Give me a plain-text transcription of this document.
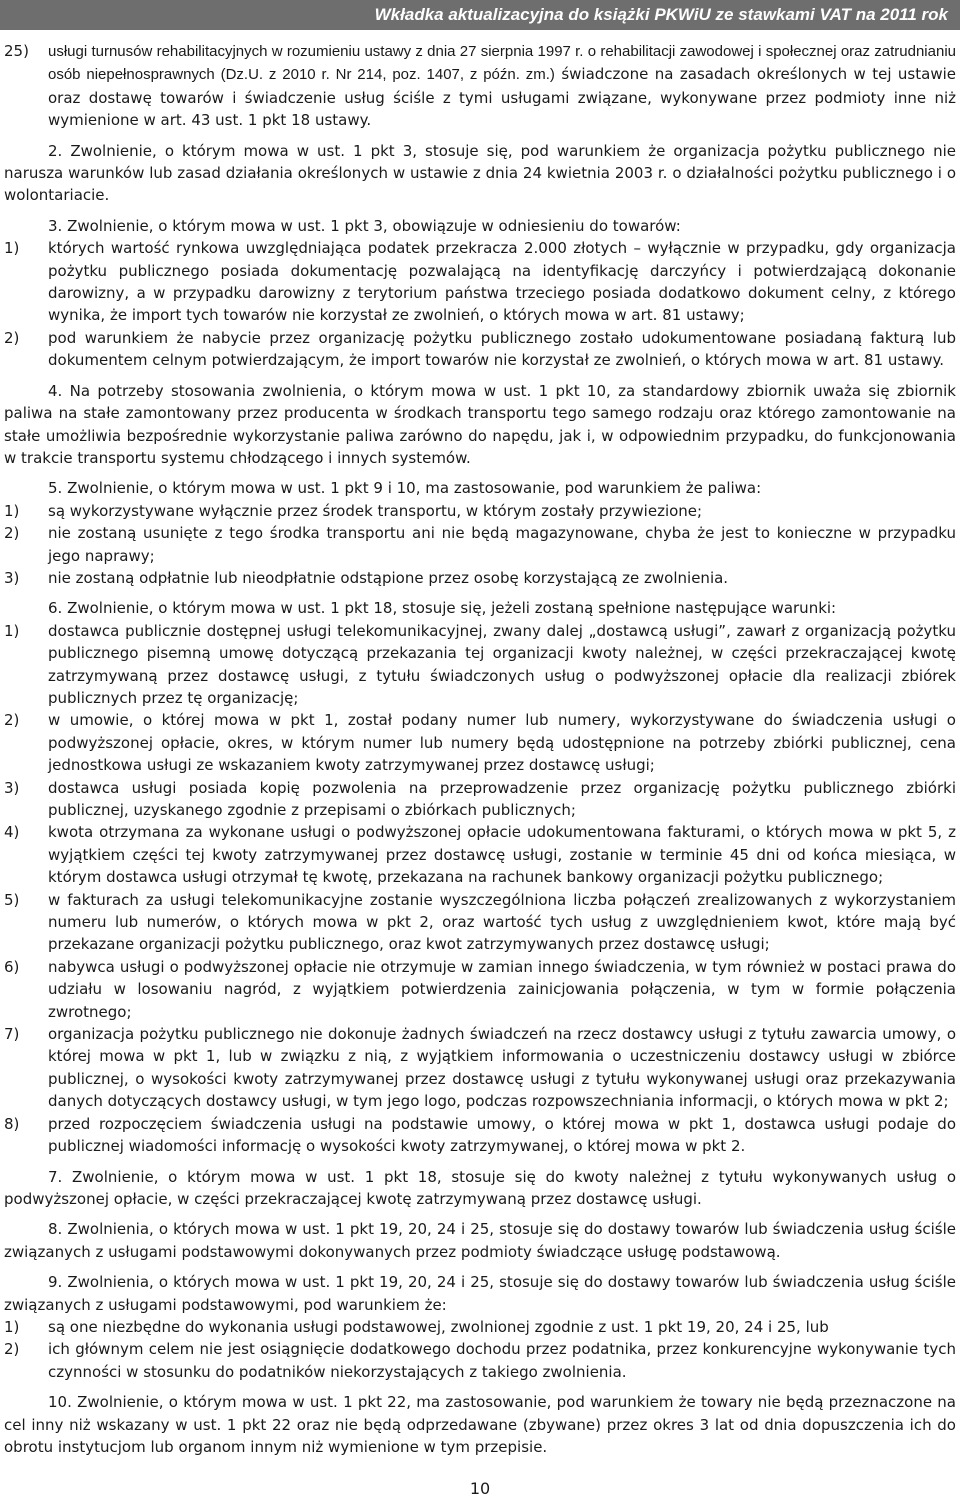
Wkładka aktualizacyjna do książki PKWiU ze stawkami VAT na 2011 rok
25)	usługi turnusów rehabilitacyjnych w rozumieniu ustawy z dnia 27 sierpnia 1997 r. o rehabilitacji zawodowej i społecznej oraz zatrudnianiu osób niepełnosprawnych (Dz.U. z 2010 r. Nr 214, poz. 1407, z późn. zm.) świadczone na zasadach określonych w tej ustawie oraz dostawę towarów i świadczenie usług ściśle z tymi usługami związane, wykonywane przez podmioty inne niż wymienione w art. 43 ust. 1 pkt 18 ustawy.

2. Zwolnienie, o którym mowa w ust. 1 pkt 3, stosuje się, pod warunkiem że organizacja pożytku publicznego nie narusza warunków lub zasad działania określonych w ustawie z dnia 24 kwietnia 2003 r. o działalności pożytku publicznego i o wolontariacie.

3. Zwolnienie, o którym mowa w ust. 1 pkt 3, obowiązuje w odniesieniu do towarów:

1)	których wartość rynkowa uwzględniająca podatek przekracza 2.000 złotych – wyłącznie w przypadku, gdy organizacja pożytku publicznego posiada dokumentację pozwalającą na identyfikację darczyńcy i potwierdzającą dokonanie darowizny, a w przypadku darowizny z terytorium państwa trzeciego posiada dodatkowo dokument celny, z którego wynika, że import tych towarów nie korzystał ze zwolnień, o których mowa w art. 81 ustawy;
2)	pod warunkiem że nabycie przez organizację pożytku publicznego zostało udokumentowane posiadaną fakturą lub dokumentem celnym potwierdzającym, że import towarów nie korzystał ze zwolnień, o których mowa w art. 81 ustawy.

4. Na potrzeby stosowania zwolnienia, o którym mowa w ust. 1 pkt 10, za standardowy zbiornik uważa się zbiornik paliwa na stałe zamontowany przez producenta w środkach transportu tego samego rodzaju oraz którego zamontowanie na stałe umożliwia bezpośrednie wykorzystanie paliwa zarówno do napędu, jak i, w odpowiednim przypadku, do funkcjonowania w trakcie transportu systemu chłodzącego i innych systemów.

5. Zwolnienie, o którym mowa w ust. 1 pkt 9 i 10, ma zastosowanie, pod warunkiem że paliwa:

1)	są wykorzystywane wyłącznie przez środek transportu, w którym zostały przywiezione;
2)	nie zostaną usunięte z tego środka transportu ani nie będą magazynowane, chyba że jest to konieczne w przypadku jego naprawy;
3)	nie zostaną odpłatnie lub nieodpłatnie odstąpione przez osobę korzystającą ze zwolnienia.

6. Zwolnienie, o którym mowa w ust. 1 pkt 18, stosuje się, jeżeli zostaną spełnione następujące warunki:

1)	dostawca publicznie dostępnej usługi telekomunikacyjnej, zwany dalej „dostawcą usługi”, zawarł z organizacją pożytku publicznego pisemną umowę dotyczącą przekazania tej organizacji kwoty należnej, w części przekraczającej kwotę zatrzymywaną przez dostawcę usługi, z tytułu świadczonych usług o podwyższonej opłacie dla realizacji zbiórek publicznych przez tę organizację;
2)	w umowie, o której mowa w pkt 1, został podany numer lub numery, wykorzystywane do świadczenia usługi o podwyższonej opłacie, okres, w którym numer lub numery będą udostępnione na potrzeby zbiórki publicznej, cena jednostkowa usługi ze wskazaniem kwoty zatrzymywanej przez dostawcę usługi;
3)	dostawca usługi posiada kopię pozwolenia na przeprowadzenie przez organizację pożytku publicznego zbiórki publicznej, uzyskanego zgodnie z przepisami o zbiórkach publicznych;
4)	kwota otrzymana za wykonane usługi o podwyższonej opłacie udokumentowana fakturami, o których mowa w pkt 5, z wyjątkiem części tej kwoty zatrzymywanej przez dostawcę usługi, zostanie w terminie 45 dni od końca miesiąca, w którym dostawca usługi otrzymał tę kwotę, przekazana na rachunek bankowy organizacji pożytku publicznego;
5)	w fakturach za usługi telekomunikacyjne zostanie wyszczególniona liczba połączeń zrealizowanych z wykorzystaniem numeru lub numerów, o których mowa w pkt 2, oraz wartość tych usług z uwzględnieniem kwot, które mają być przekazane organizacji pożytku publicznego, oraz kwot zatrzymywanych przez dostawcę usługi;
6)	nabywca usługi o podwyższonej opłacie nie otrzymuje w zamian innego świadczenia, w tym również w postaci prawa do udziału w losowaniu nagród, z wyjątkiem potwierdzenia zainicjowania połączenia, w tym w formie połączenia zwrotnego;
7)	organizacja pożytku publicznego nie dokonuje żadnych świadczeń na rzecz dostawcy usługi z tytułu zawarcia umowy, o której mowa w pkt 1, lub w związku z nią, z wyjątkiem informowania o uczestniczeniu dostawcy usługi w zbiórce publicznej, o wysokości kwoty zatrzymywanej przez dostawcę usługi z tytułu wykonywanej usługi oraz przekazywania danych dotyczących dostawcy usługi, w tym jego logo, podczas rozpowszechniania informacji, o których mowa w pkt 2;
8)	przed rozpoczęciem świadczenia usługi na podstawie umowy, o której mowa w pkt 1, dostawca usługi podaje do publicznej wiadomości informację o wysokości kwoty zatrzymywanej, o której mowa w pkt 2.

7. Zwolnienie, o którym mowa w ust. 1 pkt 18, stosuje się do kwoty należnej z tytułu wykonywanych usług o podwyższonej opłacie, w części przekraczającej kwotę zatrzymywaną przez dostawcę usługi.

8. Zwolnienia, o których mowa w ust. 1 pkt 19, 20, 24 i 25, stosuje się do dostawy towarów lub świadczenia usług ściśle związanych z usługami podstawowymi dokonywanych przez podmioty świadczące usługę podstawową.

9. Zwolnienia, o których mowa w ust. 1 pkt 19, 20, 24 i 25, stosuje się do dostawy towarów lub świadczenia usług ściśle związanych z usługami podstawowymi, pod warunkiem że:

1)	są one niezbędne do wykonania usługi podstawowej, zwolnionej zgodnie z ust. 1 pkt 19, 20, 24 i 25, lub
2)	ich głównym celem nie jest osiągnięcie dodatkowego dochodu przez podatnika, przez konkurencyjne wykonywanie tych czynności w stosunku do podatników niekorzystających z takiego zwolnienia.

10. Zwolnienie, o którym mowa w ust. 1 pkt 22, ma zastosowanie, pod warunkiem że towary nie będą przeznaczone na cel inny niż wskazany w ust. 1 pkt 22 oraz nie będą odprzedawane (zbywane) przez okres 3 lat od dnia dopuszczenia ich do obrotu instytucjom lub organom innym niż wymienione w tym przepisie.

10
